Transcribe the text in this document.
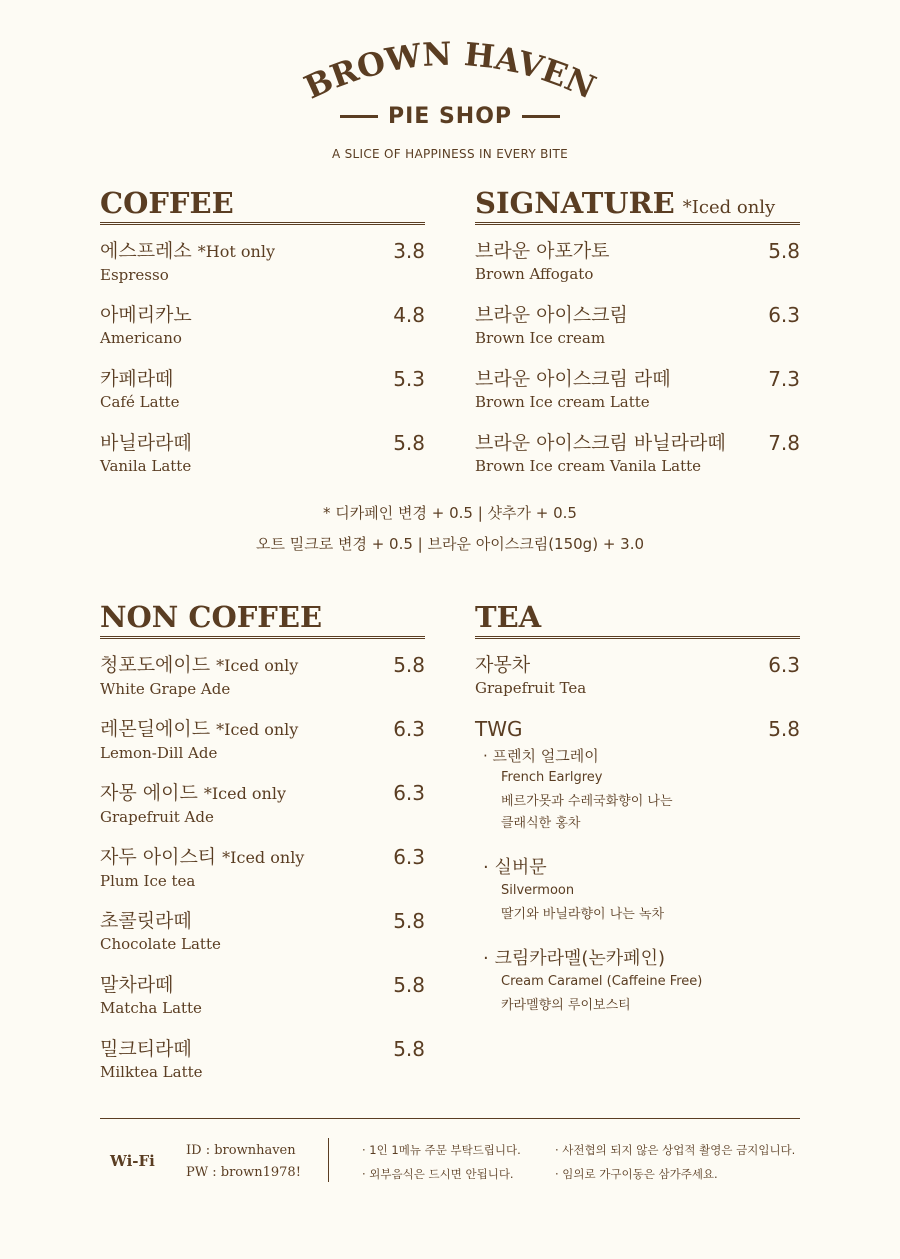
BROWN HAVEN
PIE SHOP
A SLICE OF HAPPINESS IN EVERY BITE
COFFEE
에스프레소 *Hot only
Espresso
3.8
아메리카노
Americano
4.8
카페라떼
Café Latte
5.3
바닐라라떼
Vanila Latte
5.8
SIGNATURE *Iced only
브라운 아포가토
Brown Affogato
5.8
브라운 아이스크림
Brown Ice cream
6.3
브라운 아이스크림 라떼
Brown Ice cream Latte
7.3
브라운 아이스크림 바닐라라떼
Brown Ice cream Vanila Latte
7.8
* 디카페인 변경 + 0.5 | 샷추가 + 0.5
오트 밀크로 변경 + 0.5 | 브라운 아이스크림(150g) + 3.0
NON COFFEE
청포도에이드 *Iced only
White Grape Ade
5.8
레몬딜에이드 *Iced only
Lemon-Dill Ade
6.3
자몽 에이드 *Iced only
Grapefruit Ade
6.3
자두 아이스티 *Iced only
Plum Ice tea
6.3
초콜릿라떼
Chocolate Latte
5.8
말차라떼
Matcha Latte
5.8
밀크티라떼
Milktea Latte
5.8
TEA
자몽차
Grapefruit Tea
6.3
TWG	5.8
· 프렌치 얼그레이
French Earlgrey
베르가못과 수레국화향이 나는
클래식한 홍차
· 실버문
Silvermoon
딸기와 바닐라향이 나는 녹차
· 크림카라멜(논카페인)
Cream Caramel (Caffeine Free)
카라멜향의 루이보스티
Wi-Fi
ID : brownhaven
PW : brown1978!
· 1인 1메뉴 주문 부탁드립니다.
· 외부음식은 드시면 안됩니다.
· 사전협의 되지 않은 상업적 촬영은 금지입니다.
· 임의로 가구이동은 삼가주세요.
